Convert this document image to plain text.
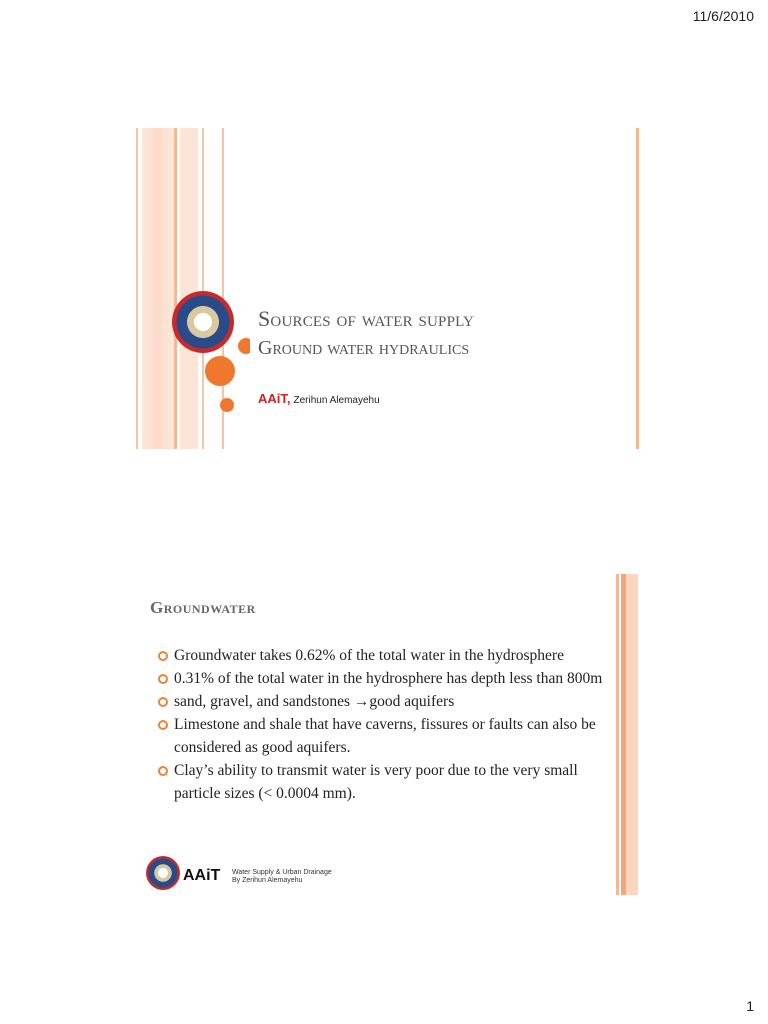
11/6/2010
Sources of water supply
Ground water hydraulics
AAiT, Zerihun Alemayehu
Groundwater
Groundwater takes 0.62% of the total water in the hydrosphere
0.31% of the total water in the hydrosphere has depth less than 800m
sand, gravel, and sandstones →good aquifers
Limestone and shale that have caverns, fissures or faults can also be considered as good aquifers.
Clay’s ability to transmit water is very poor due to the very small particle sizes (< 0.0004 mm).
AAiT Water Supply & Urban Drainage
By Zerihun Alemayehu
1
